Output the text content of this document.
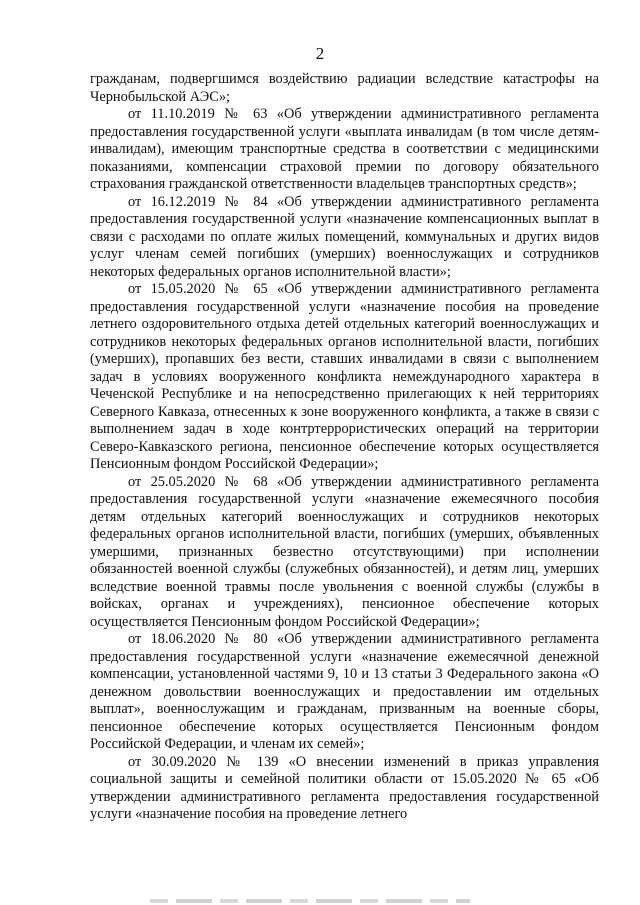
2

гражданам, подвергшимся воздействию радиации вследствие катастрофы на Чернобыльской АЭС»;

от 11.10.2019 № 63 «Об утверждении административного регламента предоставления государственной услуги «выплата инвалидам (в том числе детям-инвалидам), имеющим транспортные средства в соответствии с медицинскими показаниями, компенсации страховой премии по договору обязательного страхования гражданской ответственности владельцев транспортных средств»;

от 16.12.2019 № 84 «Об утверждении административного регламента предоставления государственной услуги «назначение компенсационных выплат в связи с расходами по оплате жилых помещений, коммунальных и других видов услуг членам семей погибших (умерших) военнослужащих и сотрудников некоторых федеральных органов исполнительной власти»;

от 15.05.2020 № 65 «Об утверждении административного регламента предоставления государственной услуги «назначение пособия на проведение летнего оздоровительного отдыха детей отдельных категорий военнослужащих и сотрудников некоторых федеральных органов исполнительной власти, погибших (умерших), пропавших без вести, ставших инвалидами в связи с выполнением задач в условиях вооруженного конфликта немеждународного характера в Чеченской Республике и на непосредственно прилегающих к ней территориях Северного Кавказа, отнесенных к зоне вооруженного конфликта, а также в связи с выполнением задач в ходе контртеррористических операций на территории Северо-Кавказского региона, пенсионное обеспечение которых осуществляется Пенсионным фондом Российской Федерации»;

от 25.05.2020 № 68 «Об утверждении административного регламента предоставления государственной услуги «назначение ежемесячного пособия детям отдельных категорий военнослужащих и сотрудников некоторых федеральных органов исполнительной власти, погибших (умерших, объявленных умершими, признанных безвестно отсутствующими) при исполнении обязанностей военной службы (служебных обязанностей), и детям лиц, умерших вследствие военной травмы после увольнения с военной службы (службы в войсках, органах и учреждениях), пенсионное обеспечение которых осуществляется Пенсионным фондом Российской Федерации»;

от 18.06.2020 № 80 «Об утверждении административного регламента предоставления государственной услуги «назначение ежемесячной денежной компенсации, установленной частями 9, 10 и 13 статьи 3 Федерального закона «О денежном довольствии военнослужащих и предоставлении им отдельных выплат», военнослужащим и гражданам, призванным на военные сборы, пенсионное обеспечение которых осуществляется Пенсионным фондом Российской Федерации, и членам их семей»;

от 30.09.2020 № 139 «О внесении изменений в приказ управления социальной защиты и семейной политики области от 15.05.2020 № 65 «Об утверждении административного регламента предоставления государственной услуги «назначение пособия на проведение летнего
